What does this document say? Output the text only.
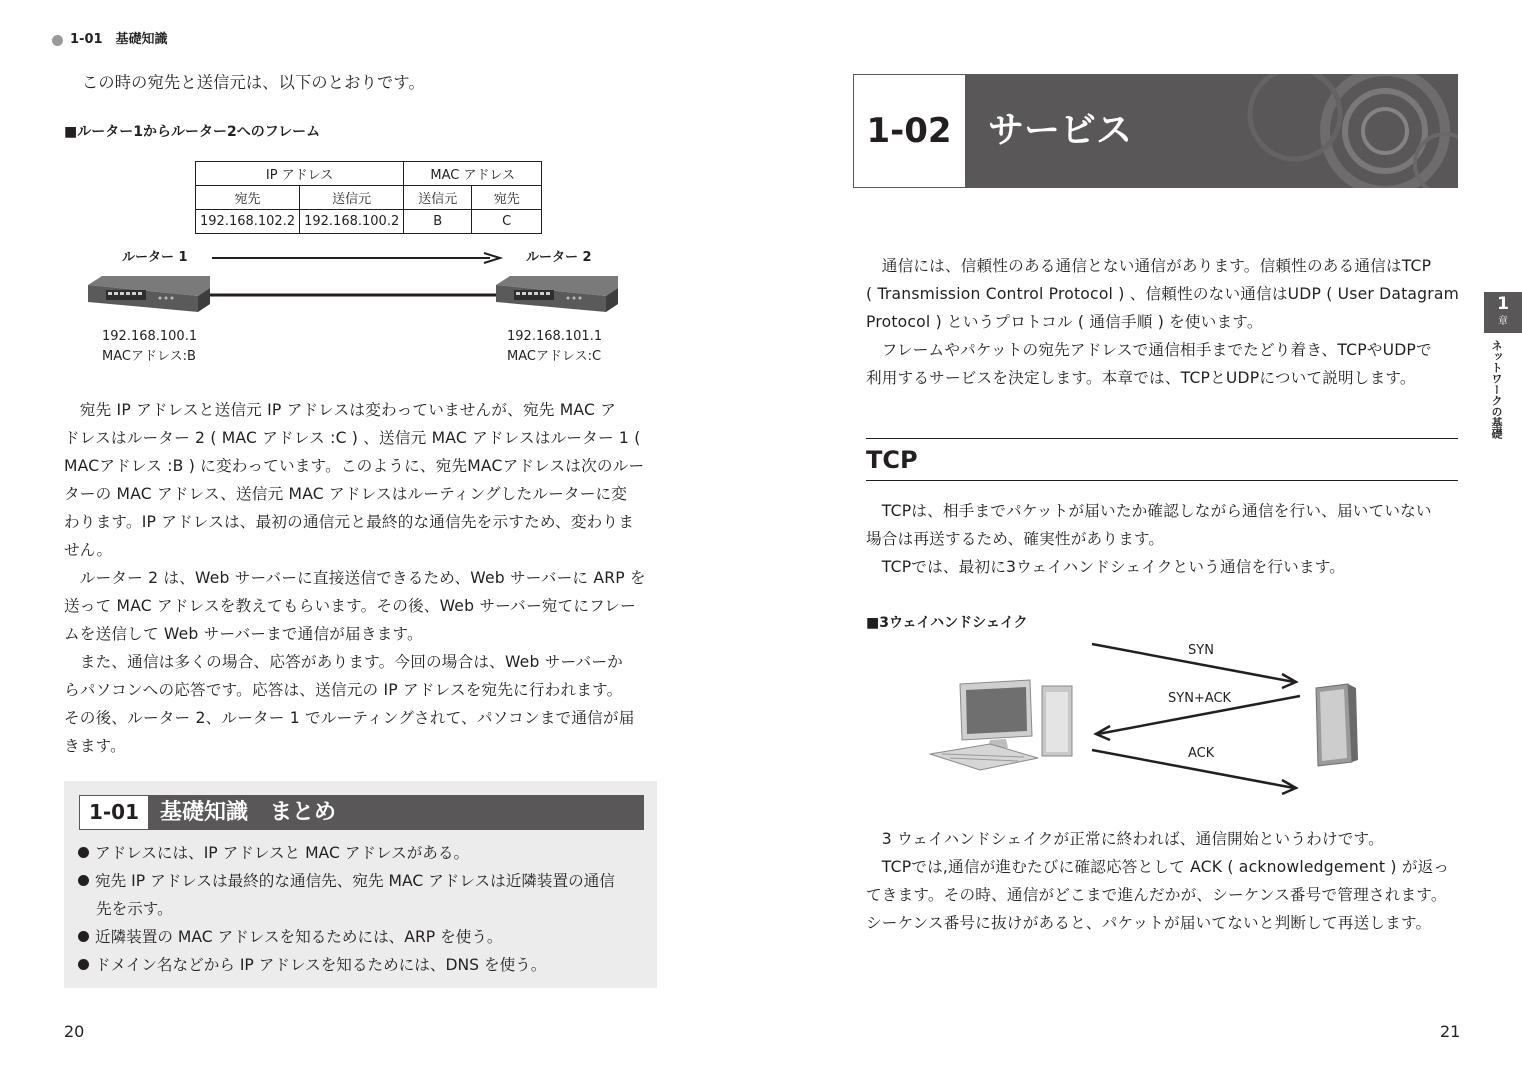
1-01　基礎知識
この時の宛先と送信元は、以下のとおりです。
■ルーター1からルーター2へのフレーム
IP アドレス		MAC アドレス	
宛先	送信元	送信元	宛先
192.168.102.2	192.168.100.2	B	C
ルーター 1	ルーター 2
192.168.100.1
MACアドレス:B
192.168.101.1
MACアドレス:C
　宛先 IP アドレスと送信元 IP アドレスは変わっていませんが、宛先 MAC ア
ドレスはルーター 2 ( MAC アドレス :C ) 、送信元 MAC アドレスはルーター 1 (
MACアドレス :B ) に変わっています。このように、宛先MACアドレスは次のルー
ターの MAC アドレス、送信元 MAC アドレスはルーティングしたルーターに変
わります。IP アドレスは、最初の通信元と最終的な通信先を示すため、変わりま
せん。
　ルーター 2 は、Web サーバーに直接送信できるため、Web サーバーに ARP を
送って MAC アドレスを教えてもらいます。その後、Web サーバー宛てにフレー
ムを送信して Web サーバーまで通信が届きます。
　また、通信は多くの場合、応答があります。今回の場合は、Web サーバーか
らパソコンへの応答です。応答は、送信元の IP アドレスを宛先に行われます。
その後、ルーター 2、ルーター 1 でルーティングされて、パソコンまで通信が届
きます。
1-01 基礎知識　まとめ
アドレスには、IP アドレスと MAC アドレスがある。
宛先 IP アドレスは最終的な通信先、宛先 MAC アドレスは近隣装置の通信
先を示す。
近隣装置の MAC アドレスを知るためには、ARP を使う。
ドメイン名などから IP アドレスを知るためには、DNS を使う。
20
1-02	サービス
　通信には、信頼性のある通信とない通信があります。信頼性のある通信はTCP
( Transmission Control Protocol ) 、信頼性のない通信はUDP ( User Datagram
Protocol ) というプロトコル ( 通信手順 ) を使います。
　フレームやパケットの宛先アドレスで通信相手までたどり着き、TCPやUDPで
利用するサービスを決定します。本章では、TCPとUDPについて説明します。
TCP
　TCPは、相手までパケットが届いたか確認しながら通信を行い、届いていない
場合は再送するため、確実性があります。
　TCPでは、最初に3ウェイハンドシェイクという通信を行います。
■3ウェイハンドシェイク
SYN
SYN+ACK
ACK
　3 ウェイハンドシェイクが正常に終われば、通信開始というわけです。
　TCPでは,通信が進むたびに確認応答として ACK ( acknowledgement ) が返っ
てきます。その時、通信がどこまで進んだかが、シーケンス番号で管理されます。
シーケンス番号に抜けがあると、パケットが届いてないと判断して再送します。
1
章
ネットワークの基礎
21
